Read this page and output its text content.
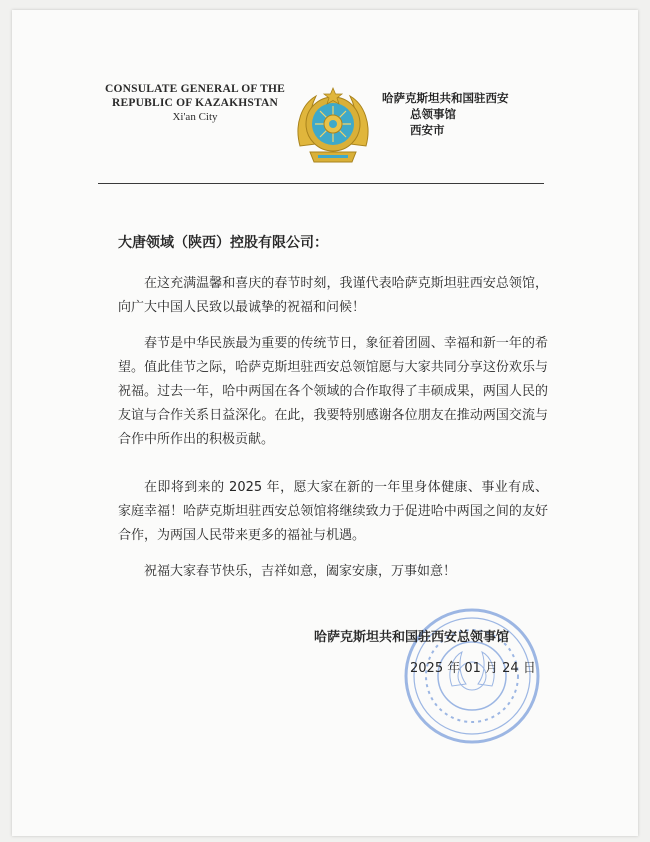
CONSULATE GENERAL OF THE
REPUBLIC OF KAZAKHSTAN
Xi'an City
哈萨克斯坦共和国驻西安
总领事馆
西安市
大唐领域（陕西）控股有限公司：

在这充满温馨和喜庆的春节时刻，我谨代表哈萨克斯坦驻西安总领馆，向广大中国人民致以最诚挚的祝福和问候！

春节是中华民族最为重要的传统节日，象征着团圆、幸福和新一年的希望。值此佳节之际，哈萨克斯坦驻西安总领馆愿与大家共同分享这份欢乐与祝福。过去一年，哈中两国在各个领域的合作取得了丰硕成果，两国人民的友谊与合作关系日益深化。在此，我要特别感谢各位朋友在推动两国交流与合作中所作出的积极贡献。

在即将到来的 2025 年，愿大家在新的一年里身体健康、事业有成、家庭幸福！哈萨克斯坦驻西安总领馆将继续致力于促进哈中两国之间的友好合作，为两国人民带来更多的福祉与机遇。

祝福大家春节快乐，吉祥如意，阖家安康，万事如意！

哈萨克斯坦共和国驻西安总领事馆
2025 年 01 月 24 日
